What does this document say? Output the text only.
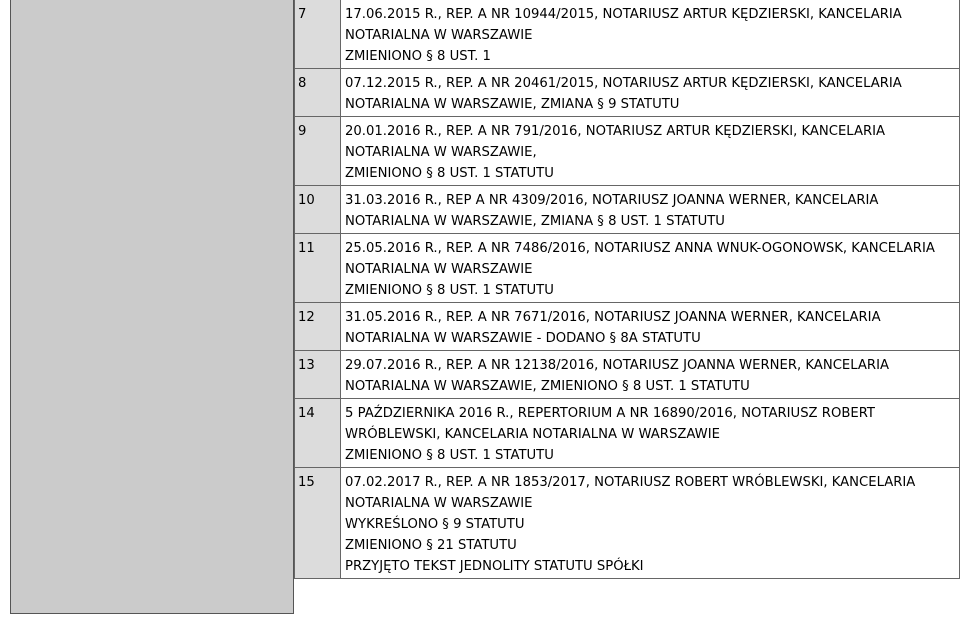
7	17.06.2015 R., REP. A NR 10944/2015, NOTARIUSZ ARTUR KĘDZIERSKI, KANCELARIA
NOTARIALNA W WARSZAWIE
ZMIENIONO § 8 UST. 1

8	07.12.2015 R., REP. A NR 20461/2015, NOTARIUSZ ARTUR KĘDZIERSKI, KANCELARIA
NOTARIALNA W WARSZAWIE, ZMIANA § 9 STATUTU

9	20.01.2016 R., REP. A NR 791/2016, NOTARIUSZ ARTUR KĘDZIERSKI, KANCELARIA
NOTARIALNA W WARSZAWIE,
ZMIENIONO § 8 UST. 1 STATUTU

10	31.03.2016 R., REP A NR 4309/2016, NOTARIUSZ JOANNA WERNER, KANCELARIA
NOTARIALNA W WARSZAWIE, ZMIANA § 8 UST. 1 STATUTU

11	25.05.2016 R., REP. A NR 7486/2016, NOTARIUSZ ANNA WNUK-OGONOWSK, KANCELARIA
NOTARIALNA W WARSZAWIE
ZMIENIONO § 8 UST. 1 STATUTU

12	31.05.2016 R., REP. A NR 7671/2016, NOTARIUSZ JOANNA WERNER, KANCELARIA
NOTARIALNA W WARSZAWIE - DODANO § 8A STATUTU

13	29.07.2016 R., REP. A NR 12138/2016, NOTARIUSZ JOANNA WERNER, KANCELARIA
NOTARIALNA W WARSZAWIE, ZMIENIONO § 8 UST. 1 STATUTU

14	5 PAŹDZIERNIKA 2016 R., REPERTORIUM A NR 16890/2016, NOTARIUSZ ROBERT
WRÓBLEWSKI, KANCELARIA NOTARIALNA W WARSZAWIE
ZMIENIONO § 8 UST. 1 STATUTU

15	07.02.2017 R., REP. A NR 1853/2017, NOTARIUSZ ROBERT WRÓBLEWSKI, KANCELARIA
NOTARIALNA W WARSZAWIE
WYKREŚLONO § 9 STATUTU
ZMIENIONO § 21 STATUTU
PRZYJĘTO TEKST JEDNOLITY STATUTU SPÓŁKI
